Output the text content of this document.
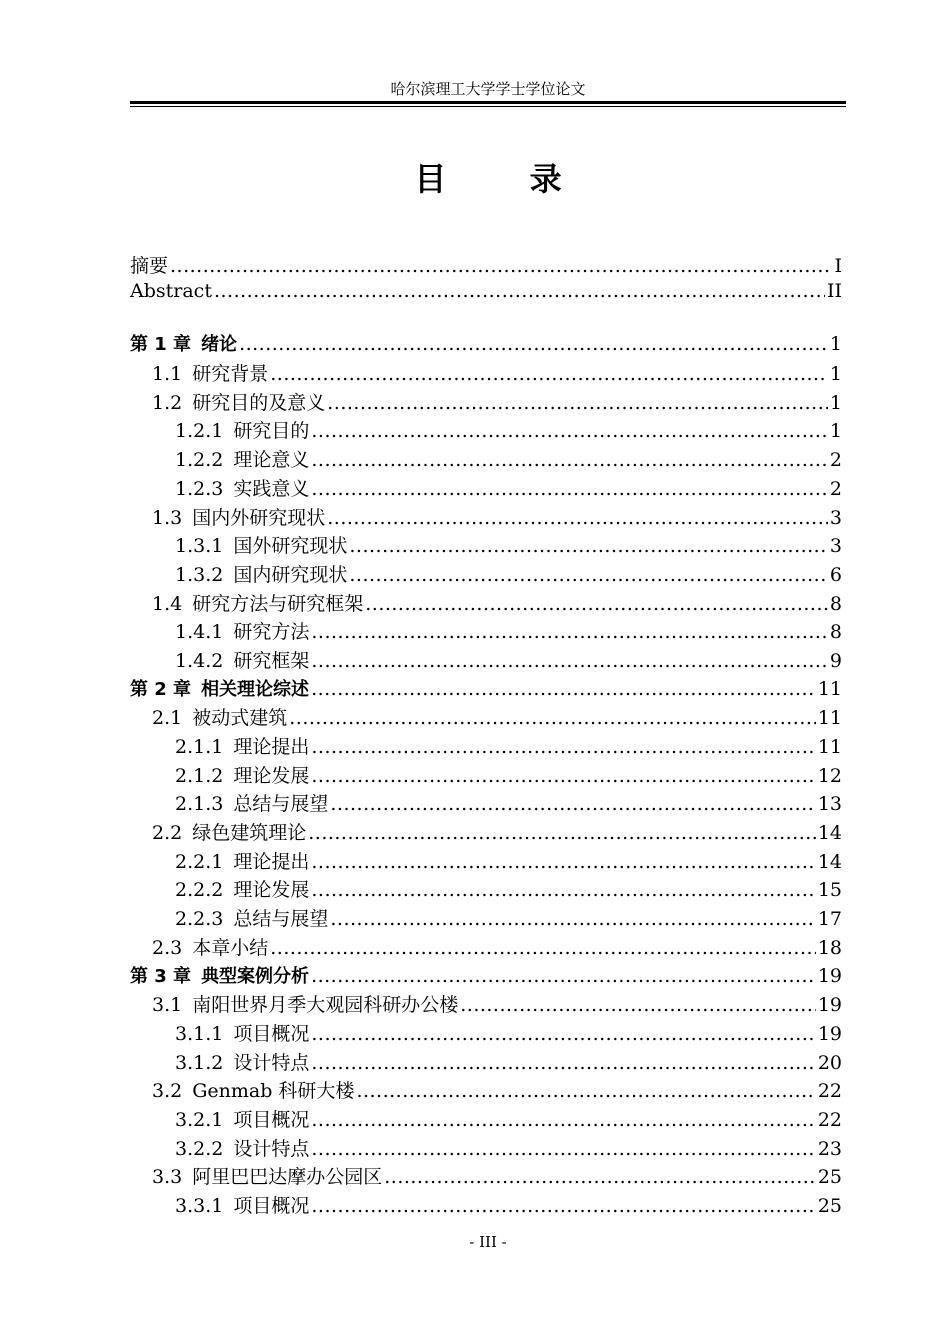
哈尔滨理工大学学士学位论文
目 录
摘要 .....	I
Abstract .....	II
第 1 章 绪论 .....	1
1.1 研究背景 .....	1
1.2 研究目的及意义 .....	1
1.2.1 研究目的 .....	1
1.2.2 理论意义 .....	2
1.2.3 实践意义 .....	2
1.3 国内外研究现状 .....	3
1.3.1 国外研究现状 .....	3
1.3.2 国内研究现状 .....	6
1.4 研究方法与研究框架 .....	8
1.4.1 研究方法 .....	8
1.4.2 研究框架 .....	9
第 2 章 相关理论综述 .....	11
2.1 被动式建筑 .....	11
2.1.1 理论提出 .....	11
2.1.2 理论发展 .....	12
2.1.3 总结与展望 .....	13
2.2 绿色建筑理论 .....	14
2.2.1 理论提出 .....	14
2.2.2 理论发展 .....	15
2.2.3 总结与展望 .....	17
2.3 本章小结 .....	18
第 3 章 典型案例分析 .....	19
3.1 南阳世界月季大观园科研办公楼 .....	19
3.1.1 项目概况 .....	19
3.1.2 设计特点 .....	20
3.2 Genmab 科研大楼 .....	22
3.2.1 项目概况 .....	22
3.2.2 设计特点 .....	23
3.3 阿里巴巴达摩办公园区 .....	25
3.3.1 项目概况 .....	25
- III -
